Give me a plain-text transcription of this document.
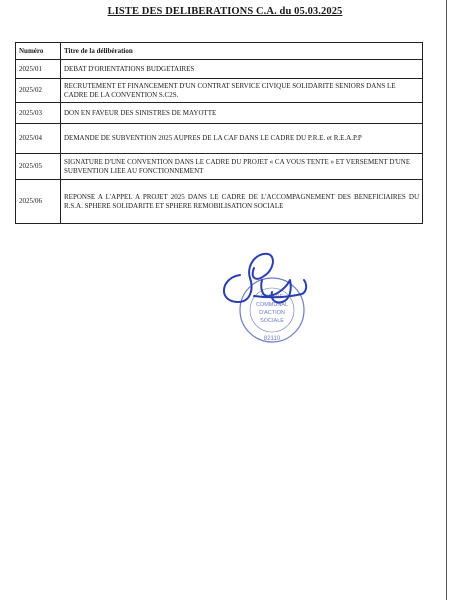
LISTE DES DELIBERATIONS C.A. du 05.03.2025
Numéro	Titre de la délibération
2025/01	DEBAT D'ORIENTATIONS BUDGETAIRES
2025/02	RECRUTEMENT ET FINANCEMENT D'UN CONTRAT SERVICE CIVIQUE SOLIDARITE SENIORS DANS LE CADRE DE LA CONVENTION S.C2S.
2025/03	DON EN FAVEUR DES SINISTRES DE MAYOTTE
2025/04	DEMANDE DE SUBVENTION 2025 AUPRES DE LA CAF DANS LE CADRE DU P.R.E. et R.E.A.P.P
2025/05	SIGNATURE D'UNE CONVENTION DANS LE CADRE DU PROJET « CA VOUS TENTE » ET VERSEMENT D'UNE SUBVENTION LIEE AU FONCTIONNEMENT
2025/06	REPONSE A L'APPEL A PROJET 2025 DANS LE CADRE DE L'ACCOMPAGNEMENT DES BENEFICIAIRES DU R.S.A. SPHERE SOLIDARITE ET SPHERE REMOBILISATION SOCIALE
CENTRE
COMMUNAL
D'ACTION
SOCIALE
82110
